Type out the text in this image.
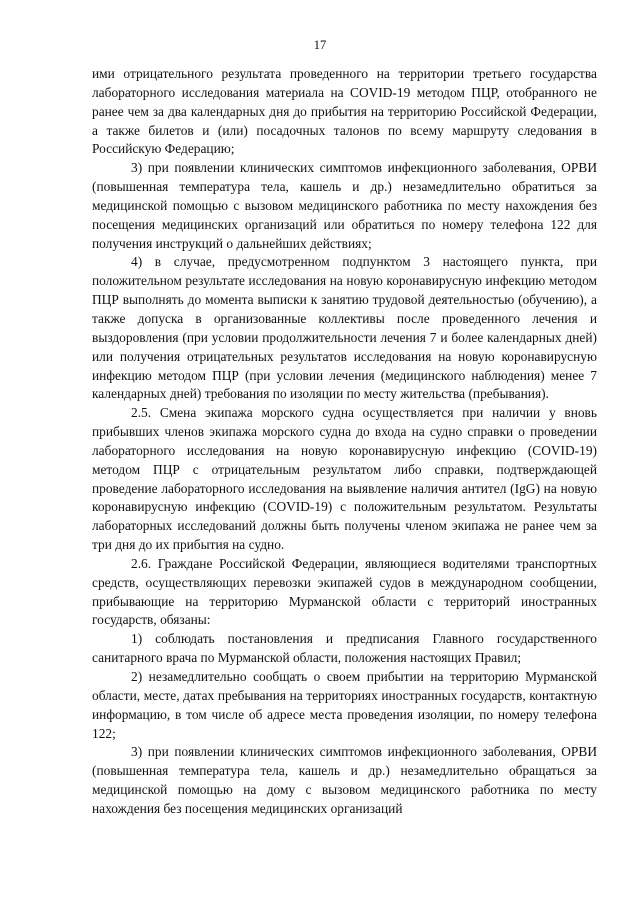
17

ими отрицательного результата проведенного на территории третьего государства лабораторного исследования материала на COVID-19 методом ПЦР, отобранного не ранее чем за два календарных дня до прибытия на территорию Российской Федерации, а также билетов и (или) посадочных талонов по всему маршруту следования в Российскую Федерацию;

3) при появлении клинических симптомов инфекционного заболевания, ОРВИ (повышенная температура тела, кашель и др.) незамедлительно обратиться за медицинской помощью с вызовом медицинского работника по месту нахождения без посещения медицинских организаций или обратиться по номеру телефона 122 для получения инструкций о дальнейших действиях;

4) в случае, предусмотренном подпунктом 3 настоящего пункта, при положительном результате исследования на новую коронавирусную инфекцию методом ПЦР выполнять до момента выписки к занятию трудовой деятельностью (обучению), а также допуска в организованные коллективы после проведенного лечения и выздоровления (при условии продолжительности лечения 7 и более календарных дней) или получения отрицательных результатов исследования на новую коронавирусную инфекцию методом ПЦР (при условии лечения (медицинского наблюдения) менее 7 календарных дней) требования по изоляции по месту жительства (пребывания).

2.5. Смена экипажа морского судна осуществляется при наличии у вновь прибывших членов экипажа морского судна до входа на судно справки о проведении лабораторного исследования на новую коронавирусную инфекцию (COVID-19) методом ПЦР с отрицательным результатом либо справки, подтверждающей проведение лабораторного исследования на выявление наличия антител (IgG) на новую коронавирусную инфекцию (COVID-19) с положительным результатом. Результаты лабораторных исследований должны быть получены членом экипажа не ранее чем за три дня до их прибытия на судно.

2.6. Граждане Российской Федерации, являющиеся водителями транспортных средств, осуществляющих перевозки экипажей судов в международном сообщении, прибывающие на территорию Мурманской области с территорий иностранных государств, обязаны:

1) соблюдать постановления и предписания Главного государственного санитарного врача по Мурманской области, положения настоящих Правил;

2) незамедлительно сообщать о своем прибытии на территорию Мурманской области, месте, датах пребывания на территориях иностранных государств, контактную информацию, в том числе об адресе места проведения изоляции, по номеру телефона 122;

3) при появлении клинических симптомов инфекционного заболевания, ОРВИ (повышенная температура тела, кашель и др.) незамедлительно обращаться за медицинской помощью на дому с вызовом медицинского работника по месту нахождения без посещения медицинских организаций
